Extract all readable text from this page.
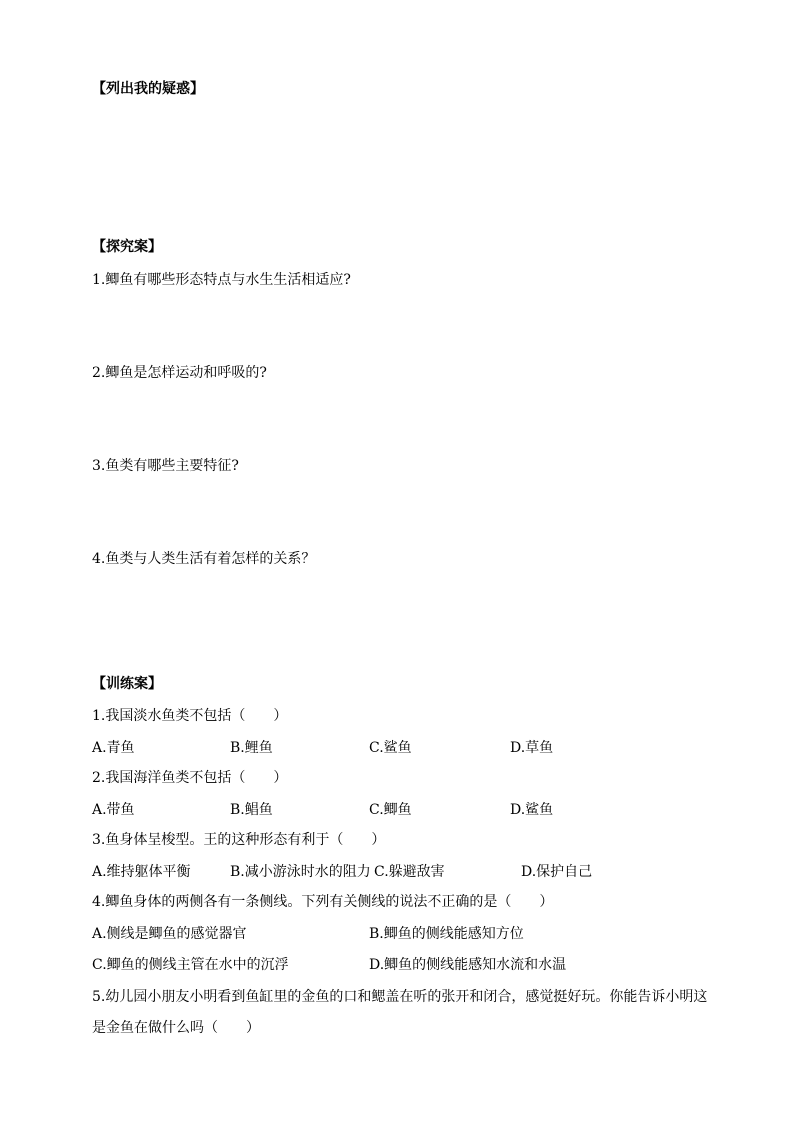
【列出我的疑惑】
【探究案】
1.鲫鱼有哪些形态特点与水生生活相适应?
2.鲫鱼是怎样运动和呼吸的?
3.鱼类有哪些主要特征?
4.鱼类与人类生活有着怎样的关系？
【训练案】
1.我国淡水鱼类不包括（　　）
A.青鱼	B.鲤鱼	C.鲨鱼	D.草鱼
2.我国海洋鱼类不包括（　　）
A.带鱼	B.鲳鱼	C.鲫鱼	D.鲨鱼
3.鱼身体呈梭型。王的这种形态有利于（　　）
A.维持躯体平衡	B.减小游泳时水的阻力 C.躲避敌害	D.保护自己
4.鲫鱼身体的两侧各有一条侧线。下列有关侧线的说法不正确的是（　　）
A.侧线是鲫鱼的感觉器官	B.鲫鱼的侧线能感知方位
C.鲫鱼的侧线主管在水中的沉浮	D.鲫鱼的侧线能感知水流和水温
5.幼儿园小朋友小明看到鱼缸里的金鱼的口和鳃盖在听的张开和闭合，感觉挺好玩。你能告诉小明这
是金鱼在做什么吗（　　）
